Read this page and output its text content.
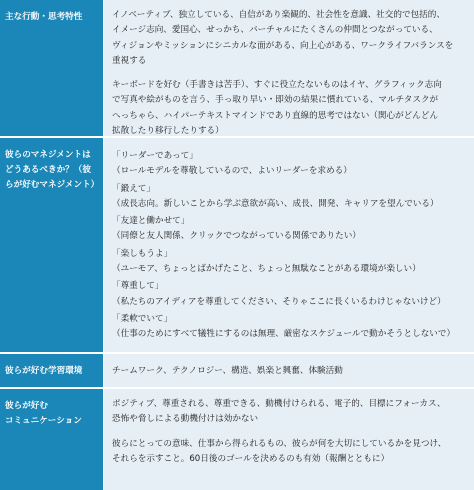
主な行動・思考特性	イノベーティブ、独立している、自信があり楽観的、社会性を意識、社交的で包括的、
イメージ志向、愛国心、せっかち、バーチャルにたくさんの仲間とつながっている、
ヴィジョンやミッションにシニカルな面がある、向上心がある、ワークライフバランスを
重視する
キーボードを好む（手書きは苦手）、すぐに役立たないものはイヤ、グラフィック志向
で写真や絵がものを言う、手っ取り早い・即効の結果に慣れている、マルチタスクが
へっちゃら、ハイパーテキストマインドであり直線的思考ではない（関心がどんどん
拡散したり移行したりする）
彼らのマネジメントは
どうあるべきか？（彼
らが好むマネジメント）
「リーダーであって」
（ロールモデルを尊敬しているので、よいリーダーを求める）
「鍛えて」
（成長志向。新しいことから学ぶ意欲が高い、成長、開発、キャリアを望んでいる）
「友達と働かせて」
（同僚と友人関係、クリックでつながっている関係でありたい）
「楽しもうよ」
（ユーモア、ちょっとばかげたこと、ちょっと無駄なことがある環境が楽しい）
「尊重して」
（私たちのアイディアを尊重してください、そりゃここに長くいるわけじゃないけど）
「柔軟でいて」
（仕事のためにすべて犠牲にするのは無理、厳密なスケジュールで動かそうとしないで）
彼らが好む学習環境	チームワーク、テクノロジー、構造、娯楽と興奮、体験活動
彼らが好む
コミュニケーション
ポジティブ、尊重される、尊重できる、動機付けられる、電子的、目標にフォーカス、
恐怖や脅しによる動機付けは効かない
彼らにとっての意味、仕事から得られるもの、彼らが何を大切にしているかを見つけ、
それらを示すこと。60日後のゴールを決めるのも有効（報酬とともに）
